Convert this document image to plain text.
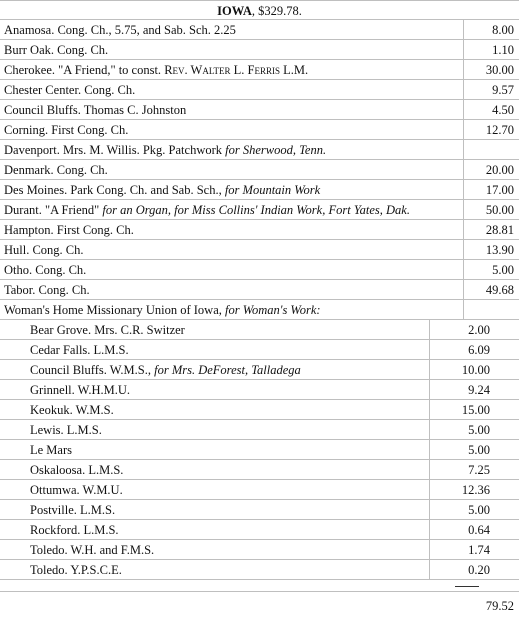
IOWA, $329.78.
Anamosa. Cong. Ch., 5.75, and Sab. Sch. 2.25	8.00
Burr Oak. Cong. Ch.	1.10
Cherokee. "A Friend," to const. Rev. Walter L. Ferris L.M.	30.00
Chester Center. Cong. Ch.	9.57
Council Bluffs. Thomas C. Johnston	4.50
Corning. First Cong. Ch.	12.70
Davenport. Mrs. M. Willis. Pkg. Patchwork for Sherwood, Tenn.
Denmark. Cong. Ch.	20.00
Des Moines. Park Cong. Ch. and Sab. Sch., for Mountain Work	17.00
Durant. "A Friend" for an Organ, for Miss Collins' Indian Work, Fort Yates, Dak.	50.00
Hampton. First Cong. Ch.	28.81
Hull. Cong. Ch.	13.90
Otho. Cong. Ch.	5.00
Tabor. Cong. Ch.	49.68
Woman's Home Missionary Union of Iowa, for Woman's Work:
Bear Grove. Mrs. C.R. Switzer	2.00
Cedar Falls. L.M.S.	6.09
Council Bluffs. W.M.S., for Mrs. DeForest, Talladega	10.00
Grinnell. W.H.M.U.	9.24
Keokuk. W.M.S.	15.00
Lewis. L.M.S.	5.00
Le Mars	5.00
Oskaloosa. L.M.S.	7.25
Ottumwa. W.M.U.	12.36
Postville. L.M.S.	5.00
Rockford. L.M.S.	0.64
Toledo. W.H. and F.M.S.	1.74
Toledo. Y.P.S.C.E.	0.20
79.52
